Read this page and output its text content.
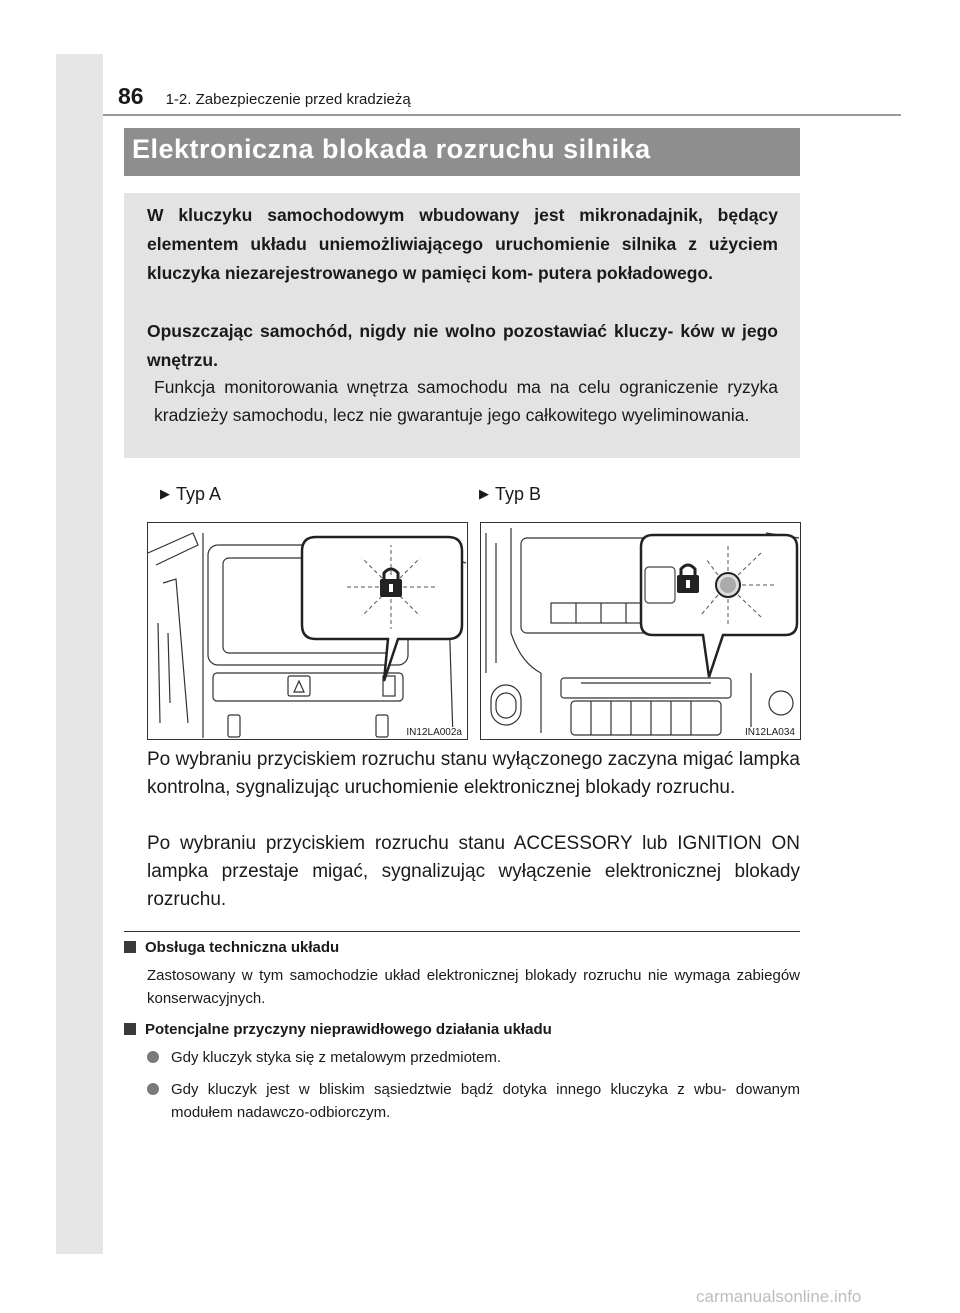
86 1-2. Zabezpieczenie przed kradzieżą
Elektroniczna blokada rozruchu silnika

W kluczyku samochodowym wbudowany jest mikronadajnik, będący elementem układu uniemożliwiającego uruchomienie silnika z użyciem kluczyka niezarejestrowanego w pamięci kom- putera pokładowego.

Opuszczając samochód, nigdy nie wolno pozostawiać kluczy- ków w jego wnętrzu.

Funkcja monitorowania wnętrza samochodu ma na celu ograniczenie ryzyka kradzieży samochodu, lecz nie gwarantuje jego całkowitego wyeliminowania.

▶ Typ A	▶ Typ B
IN12LA002a	IN12LA034

Po wybraniu przyciskiem rozruchu stanu wyłączonego zaczyna migać lampka kontrolna, sygnalizując uruchomienie elektronicznej blokady rozruchu.

Po wybraniu przyciskiem rozruchu stanu ACCESSORY lub IGNITION ON lampka przestaje migać, sygnalizując wyłączenie elektronicznej blokady rozruchu.

Obsługa techniczna układu

Zastosowany w tym samochodzie układ elektronicznej blokady rozruchu nie wymaga zabiegów konserwacyjnych.

Potencjalne przyczyny nieprawidłowego działania układu
Gdy kluczyk styka się z metalowym przedmiotem.
Gdy kluczyk jest w bliskim sąsiedztwie bądź dotyka innego kluczyka z wbu- dowanym modułem nadawczo-odbiorczym.
carmanualsonline.info
